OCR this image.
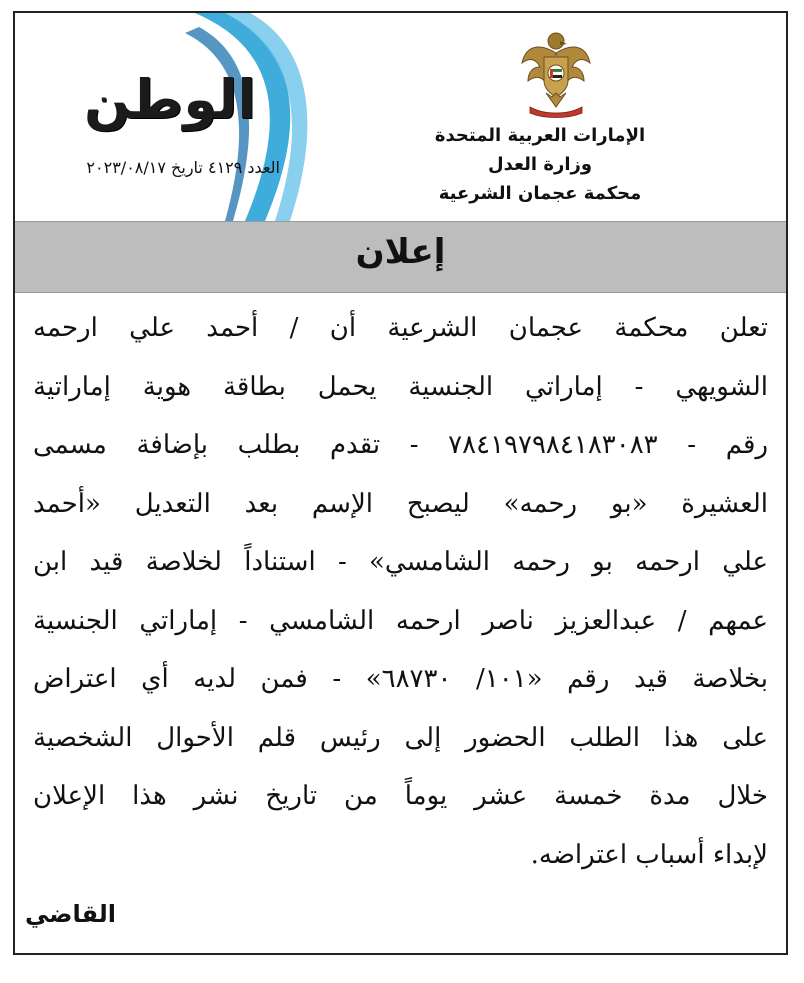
الإمارات العربية المتحدة
وزارة العدل
محكمة عجمان الشرعية
الوطن
العدد ٤١٢٩ تاريخ ٢٠٢٣/٠٨/١٧
إعلان
تعلن محكمة عجمان الشرعية أن / أحمد علي ارحمه
الشويهي - إماراتي الجنسية يحمل بطاقة هوية إماراتية
رقم - ٧٨٤١٩٧٩٨٤١٨٣٠٨٣ - تقدم بطلب بإضافة مسمى
العشيرة «بو رحمه» ليصبح الإسم بعد التعديل «أحمد
علي ارحمه بو رحمه الشامسي» - استناداً لخلاصة قيد ابن
عمهم / عبدالعزيز ناصر ارحمه الشامسي - إماراتي الجنسية
بخلاصة قيد رقم «١٠١/ ٦٨٧٣٠» - فمن لديه أي اعتراض
على هذا الطلب الحضور إلى رئيس قلم الأحوال الشخصية
خلال مدة خمسة عشر يوماً من تاريخ نشر هذا الإعلان
لإبداء أسباب اعتراضه.
القاضي
